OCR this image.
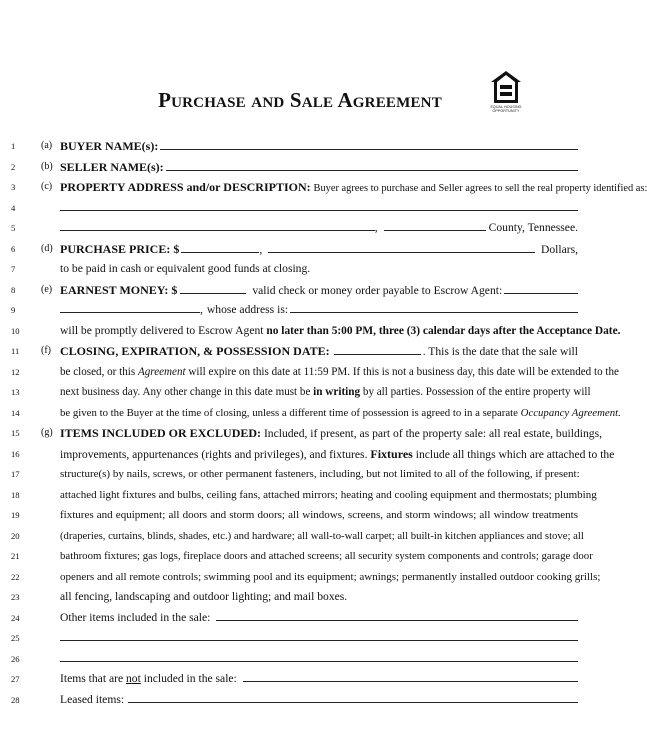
Purchase and Sale Agreement	EQUAL HOUSING OPPORTUNITY
1	(a) BUYER NAME(s):
2	(b) SELLER NAME(s):
3	(c) PROPERTY ADDRESS and/or DESCRIPTION: Buyer agrees to purchase and Seller agrees to sell the real property identified as:
4
5	,	County, Tennessee.
6	(d) PURCHASE PRICE: $	,	Dollars,
7	to be paid in cash or equivalent good funds at closing.
8	(e) EARNEST MONEY: $	valid check or money order payable to Escrow Agent:
9	, whose address is:
10	will be promptly delivered to Escrow Agent no later than 5:00 PM, three (3) calendar days after the Acceptance Date.
11	(f) CLOSING, EXPIRATION, & POSSESSION DATE:	. This is the date that the sale will
12	be closed, or this Agreement will expire on this date at 11:59 PM. If this is not a business day, this date will be extended to the
13	next business day. Any other change in this date must be in writing by all parties. Possession of the entire property will
14	be given to the Buyer at the time of closing, unless a different time of possession is agreed to in a separate Occupancy Agreement.
15	(g) ITEMS INCLUDED OR EXCLUDED: Included, if present, as part of the property sale: all real estate, buildings,
16	improvements, appurtenances (rights and privileges), and fixtures. Fixtures include all things which are attached to the
17	structure(s) by nails, screws, or other permanent fasteners, including, but not limited to all of the following, if present:
18	attached light fixtures and bulbs, ceiling fans, attached mirrors; heating and cooling equipment and thermostats; plumbing
19	fixtures and equipment; all doors and storm doors; all windows, screens, and storm windows; all window treatments
20	(draperies, curtains, blinds, shades, etc.) and hardware; all wall-to-wall carpet; all built-in kitchen appliances and stove; all
21	bathroom fixtures; gas logs, fireplace doors and attached screens; all security system components and controls; garage door
22	openers and all remote controls; swimming pool and its equipment; awnings; permanently installed outdoor cooking grills;
23	all fencing, landscaping and outdoor lighting; and mail boxes.
24	Other items included in the sale:
25
26
27	Items that are not included in the sale:
28	Leased items:
